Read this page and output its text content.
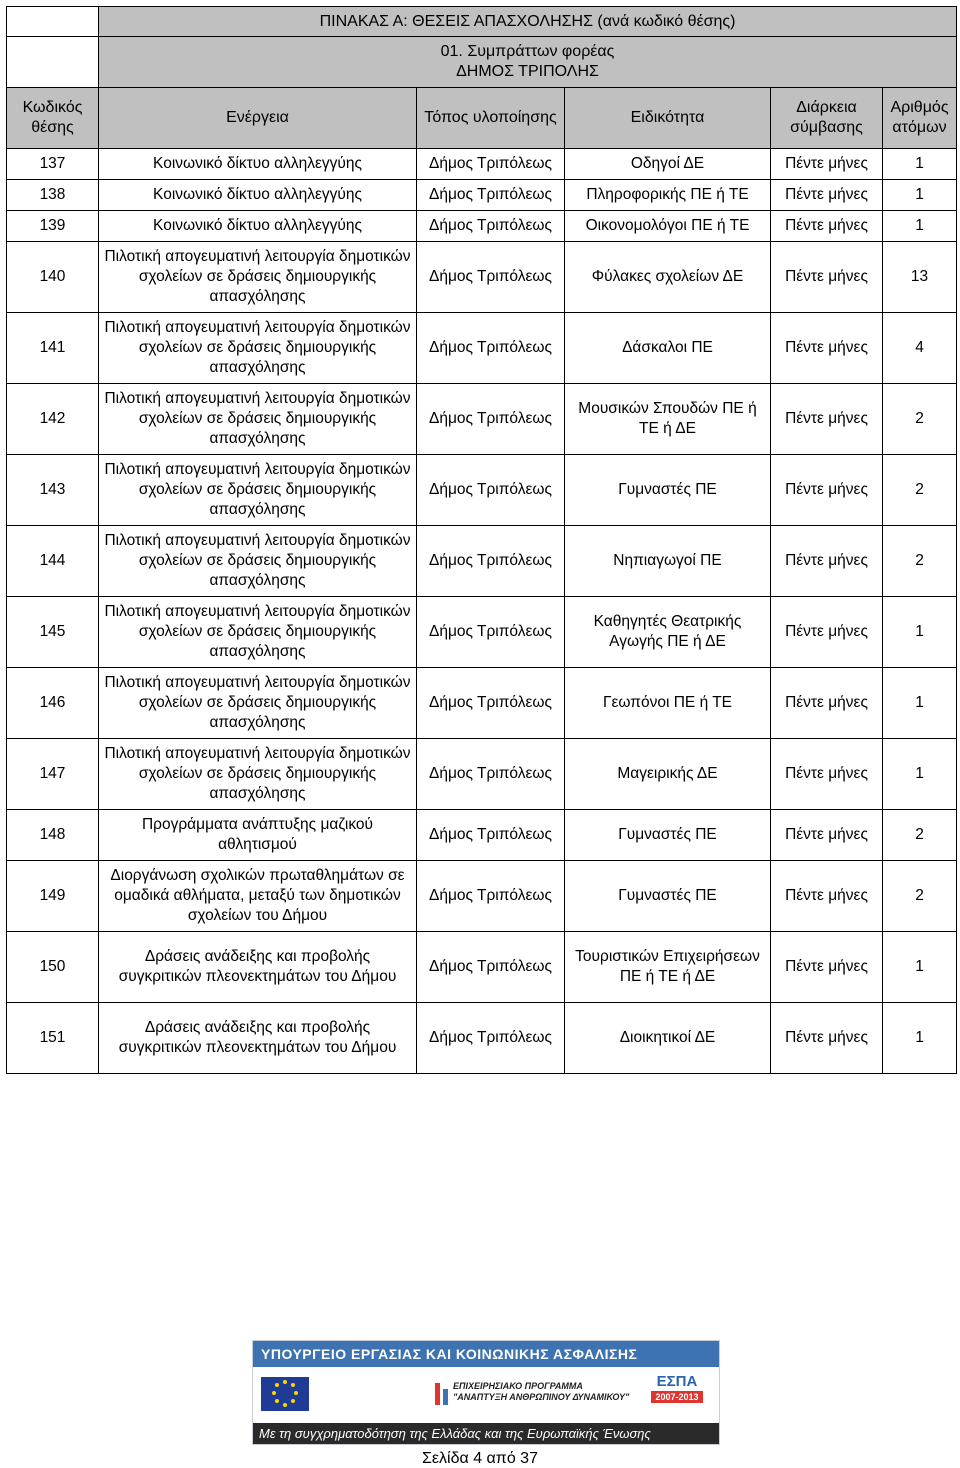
	ΠΙΝΑΚΑΣ Α: ΘΕΣΕΙΣ ΑΠΑΣΧΟΛΗΣΗΣ (ανά κωδικό θέσης)				

	01. Συμπράττων φορέας
ΔΗΜΟΣ ΤΡΙΠΟΛΗΣ				

Κωδικός θέσης	Ενέργεια	Τόπος υλοποίησης	Ειδικότητα	Διάρκεια σύμβασης	Αριθμός ατόμων
137	Κοινωνικό δίκτυο αλληλεγγύης	Δήμος Τριπόλεως	Οδηγοί ΔΕ	Πέντε μήνες	1
138	Κοινωνικό δίκτυο αλληλεγγύης	Δήμος Τριπόλεως	Πληροφορικής ΠΕ ή ΤΕ	Πέντε μήνες	1
139	Κοινωνικό δίκτυο αλληλεγγύης	Δήμος Τριπόλεως	Οικονομολόγοι ΠΕ ή ΤΕ	Πέντε μήνες	1
140	Πιλοτική απογευματινή λειτουργία δημοτικών σχολείων σε δράσεις δημιουργικής απασχόλησης	Δήμος Τριπόλεως	Φύλακες σχολείων ΔΕ	Πέντε μήνες	13
141	Πιλοτική απογευματινή λειτουργία δημοτικών σχολείων σε δράσεις δημιουργικής απασχόλησης	Δήμος Τριπόλεως	Δάσκαλοι ΠΕ	Πέντε μήνες	4
142	Πιλοτική απογευματινή λειτουργία δημοτικών σχολείων σε δράσεις δημιουργικής απασχόλησης	Δήμος Τριπόλεως	Μουσικών Σπουδών ΠΕ ή ΤΕ ή ΔΕ	Πέντε μήνες	2
143	Πιλοτική απογευματινή λειτουργία δημοτικών σχολείων σε δράσεις δημιουργικής απασχόλησης	Δήμος Τριπόλεως	Γυμναστές ΠΕ	Πέντε μήνες	2
144	Πιλοτική απογευματινή λειτουργία δημοτικών σχολείων σε δράσεις δημιουργικής απασχόλησης	Δήμος Τριπόλεως	Νηπιαγωγοί ΠΕ	Πέντε μήνες	2
145	Πιλοτική απογευματινή λειτουργία δημοτικών σχολείων σε δράσεις δημιουργικής απασχόλησης	Δήμος Τριπόλεως	Καθηγητές Θεατρικής Αγωγής ΠΕ ή ΔΕ	Πέντε μήνες	1
146	Πιλοτική απογευματινή λειτουργία δημοτικών σχολείων σε δράσεις δημιουργικής απασχόλησης	Δήμος Τριπόλεως	Γεωπόνοι ΠΕ ή ΤΕ	Πέντε μήνες	1
147	Πιλοτική απογευματινή λειτουργία δημοτικών σχολείων σε δράσεις δημιουργικής απασχόλησης	Δήμος Τριπόλεως	Μαγειρικής ΔΕ	Πέντε μήνες	1
148	Προγράμματα ανάπτυξης μαζικού αθλητισμού	Δήμος Τριπόλεως	Γυμναστές ΠΕ	Πέντε μήνες	2
149	Διοργάνωση σχολικών πρωταθλημάτων σε ομαδικά αθλήματα, μεταξύ των δημοτικών σχολείων του Δήμου	Δήμος Τριπόλεως	Γυμναστές ΠΕ	Πέντε μήνες	2
150	Δράσεις ανάδειξης και προβολής συγκριτικών πλεονεκτημάτων του Δήμου	Δήμος Τριπόλεως	Τουριστικών Επιχειρήσεων ΠΕ ή ΤΕ ή ΔΕ	Πέντε μήνες	1
151	Δράσεις ανάδειξης και προβολής συγκριτικών πλεονεκτημάτων του Δήμου	Δήμος Τριπόλεως	Διοικητικοί ΔΕ	Πέντε μήνες	1
ΥΠΟΥΡΓΕΙΟ ΕΡΓΑΣΙΑΣ ΚΑΙ ΚΟΙΝΩΝΙΚΗΣ ΑΣΦΑΛΙΣΗΣ
ΕΠΙΧΕΙΡΗΣΙΑΚΟ ΠΡΟΓΡΑΜΜΑ
"ΑΝΑΠΤΥΞΗ ΑΝΘΡΩΠΙΝΟΥ ΔΥΝΑΜΙΚΟΥ"
ΕΣΠΑ
2007-2013
Με τη συγχρηματοδότηση της Ελλάδας και της Ευρωπαϊκής Ένωσης
Σελίδα 4 από 37
